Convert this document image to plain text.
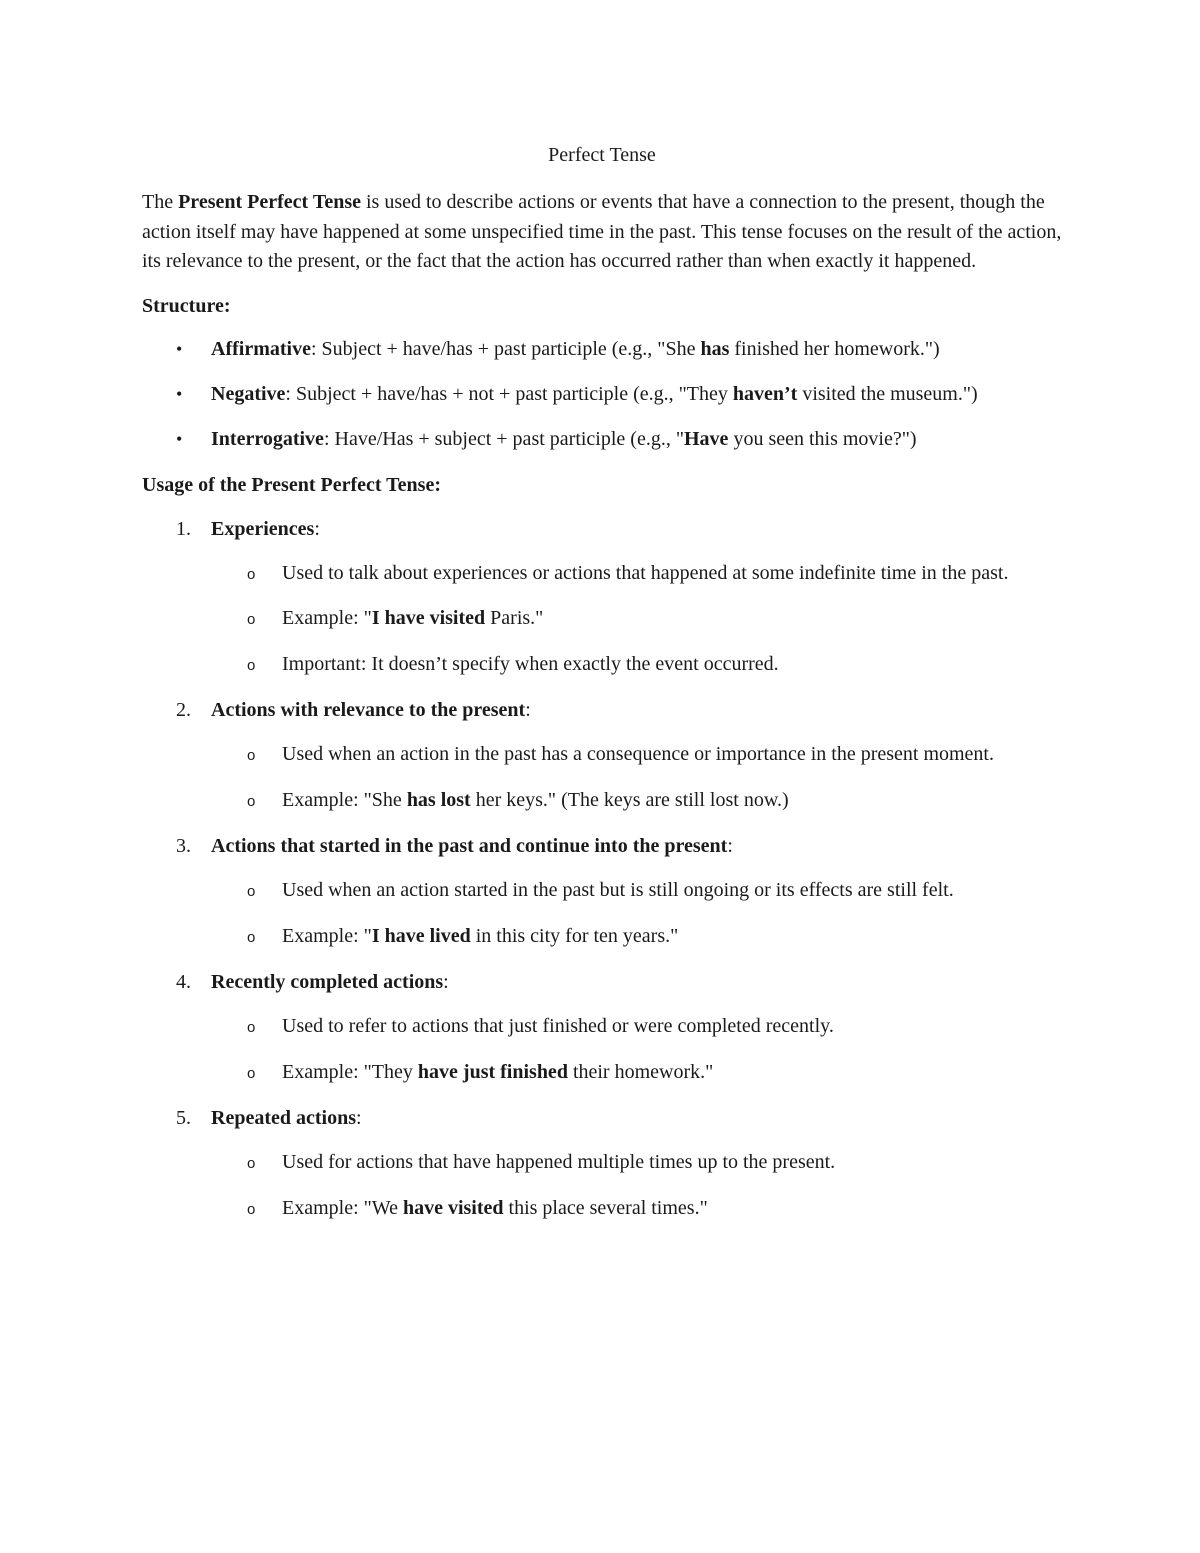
Perfect Tense

The Present Perfect Tense is used to describe actions or events that have a connection to the present, though the action itself may have happened at some unspecified time in the past. This tense focuses on the result of the action, its relevance to the present, or the fact that the action has occurred rather than when exactly it happened.

Structure:
• Affirmative: Subject + have/has + past participle (e.g., "She has finished her homework.")
• Negative: Subject + have/has + not + past participle (e.g., "They haven’t visited the museum.")
• Interrogative: Have/Has + subject + past participle (e.g., "Have you seen this movie?")
Usage of the Present Perfect Tense:
1. Experiences:
o Used to talk about experiences or actions that happened at some indefinite time in the past.
o Example: "I have visited Paris."
o Important: It doesn’t specify when exactly the event occurred.
2. Actions with relevance to the present:
o Used when an action in the past has a consequence or importance in the present moment.
o Example: "She has lost her keys." (The keys are still lost now.)
3. Actions that started in the past and continue into the present:
o Used when an action started in the past but is still ongoing or its effects are still felt.
o Example: "I have lived in this city for ten years."
4. Recently completed actions:
o Used to refer to actions that just finished or were completed recently.
o Example: "They have just finished their homework."
5. Repeated actions:
o Used for actions that have happened multiple times up to the present.
o Example: "We have visited this place several times."
